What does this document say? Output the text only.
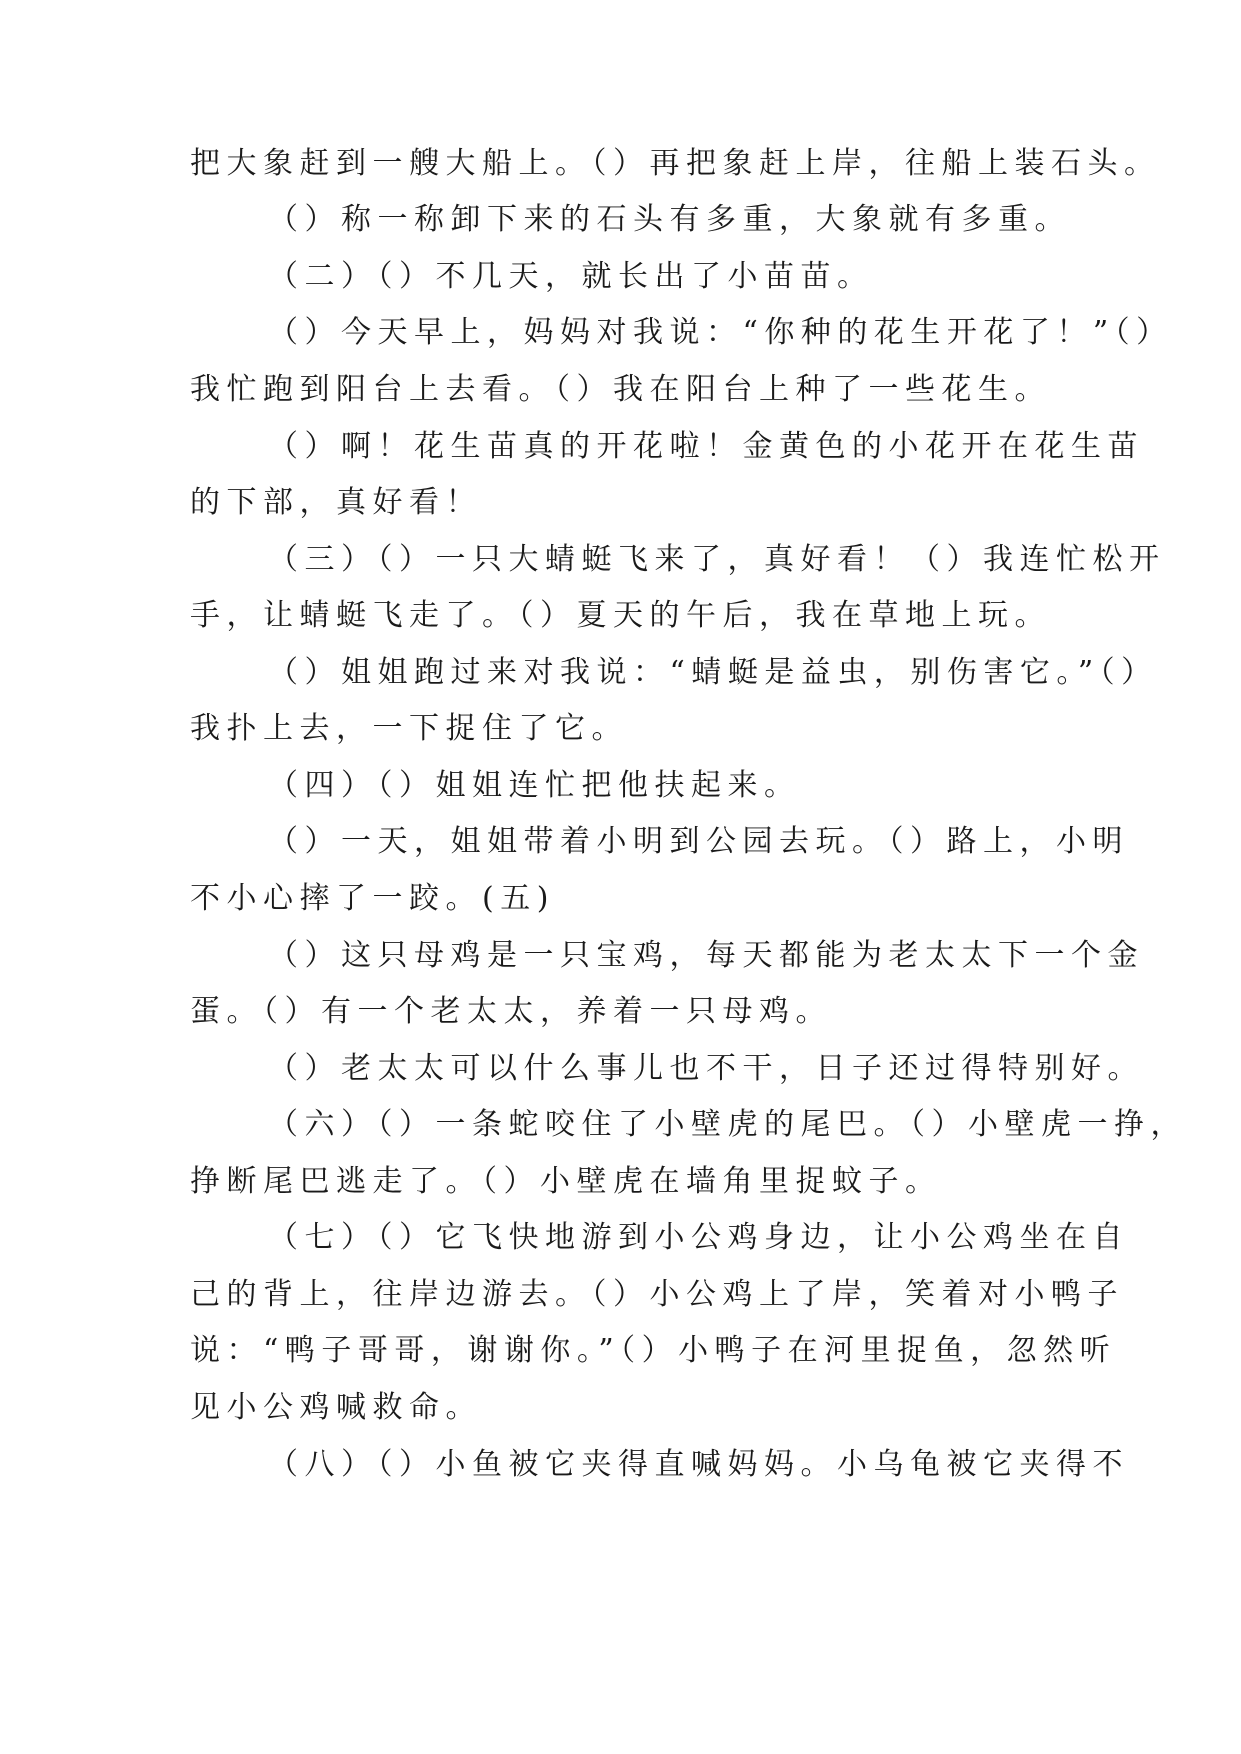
把大象赶到一艘大船上。（）再把象赶上岸，往船上装石头。
（）称一称卸下来的石头有多重，大象就有多重。
（二）（）不几天，就长出了小苗苗。
（）今天早上，妈妈对我说：“你种的花生开花了！”（）
我忙跑到阳台上去看。（）我在阳台上种了一些花生。
（）啊！花生苗真的开花啦！金黄色的小花开在花生苗
的下部，真好看！
（三）（）一只大蜻蜓飞来了，真好看！（）我连忙松开
手，让蜻蜓飞走了。（）夏天的午后，我在草地上玩。
（）姐姐跑过来对我说：“蜻蜓是益虫，别伤害它。”（）
我扑上去，一下捉住了它。
（四）（）姐姐连忙把他扶起来。
（）一天，姐姐带着小明到公园去玩。（）路上，小明
不小心摔了一跤。(五)
（）这只母鸡是一只宝鸡，每天都能为老太太下一个金
蛋。（）有一个老太太，养着一只母鸡。
（）老太太可以什么事儿也不干，日子还过得特别好。
（六）（）一条蛇咬住了小壁虎的尾巴。（）小壁虎一挣，
挣断尾巴逃走了。（）小壁虎在墙角里捉蚊子。
（七）（）它飞快地游到小公鸡身边，让小公鸡坐在自
己的背上，往岸边游去。（）小公鸡上了岸，笑着对小鸭子
说：“鸭子哥哥，谢谢你。”（）小鸭子在河里捉鱼，忽然听
见小公鸡喊救命。
（八）（）小鱼被它夹得直喊妈妈。小乌龟被它夹得不
